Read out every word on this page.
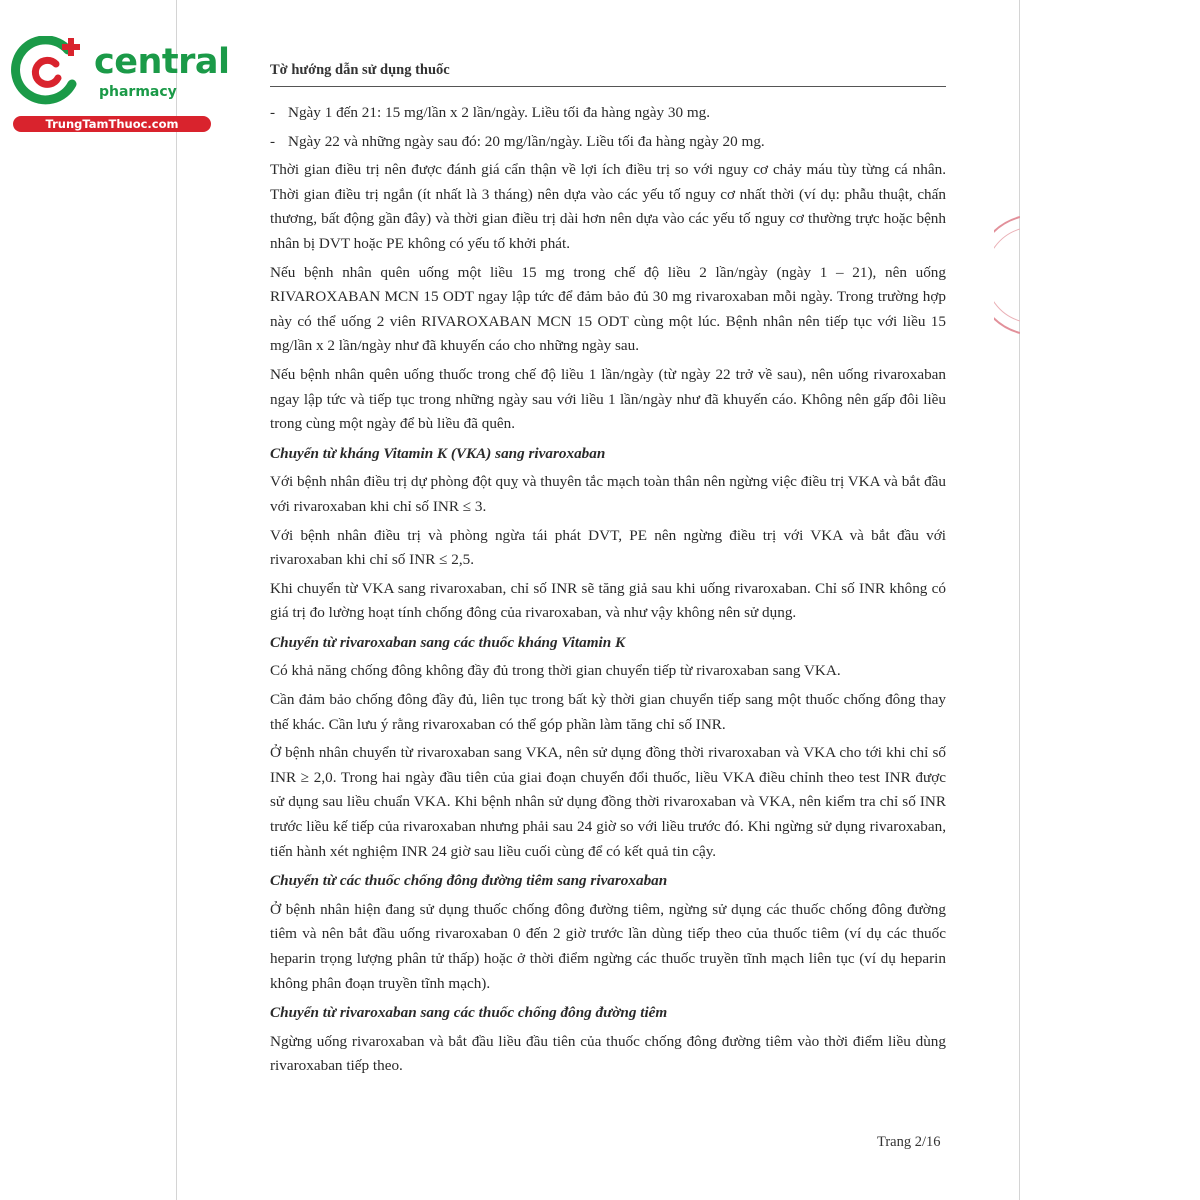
central
pharmacy
TrungTamThuoc.com
Tờ hướng dẫn sử dụng thuốc

- Ngày 1 đến 21: 15 mg/lần x 2 lần/ngày. Liều tối đa hàng ngày 30 mg.

- Ngày 22 và những ngày sau đó: 20 mg/lần/ngày. Liều tối đa hàng ngày 20 mg.

Thời gian điều trị nên được đánh giá cẩn thận về lợi ích điều trị so với nguy cơ chảy máu tùy từng cá nhân. Thời gian điều trị ngắn (ít nhất là 3 tháng) nên dựa vào các yếu tố nguy cơ nhất thời (ví dụ: phẫu thuật, chấn thương, bất động gần đây) và thời gian điều trị dài hơn nên dựa vào các yếu tố nguy cơ thường trực hoặc bệnh nhân bị DVT hoặc PE không có yếu tố khởi phát.

Nếu bệnh nhân quên uống một liều 15 mg trong chế độ liều 2 lần/ngày (ngày 1 – 21), nên uống RIVAROXABAN MCN 15 ODT ngay lập tức để đảm bảo đủ 30 mg rivaroxaban mỗi ngày. Trong trường hợp này có thể uống 2 viên RIVAROXABAN MCN 15 ODT cùng một lúc. Bệnh nhân nên tiếp tục với liều 15 mg/lần x 2 lần/ngày như đã khuyến cáo cho những ngày sau.

Nếu bệnh nhân quên uống thuốc trong chế độ liều 1 lần/ngày (từ ngày 22 trở về sau), nên uống rivaroxaban ngay lập tức và tiếp tục trong những ngày sau với liều 1 lần/ngày như đã khuyến cáo. Không nên gấp đôi liều trong cùng một ngày để bù liều đã quên.

Chuyển từ kháng Vitamin K (VKA) sang rivaroxaban

Với bệnh nhân điều trị dự phòng đột quỵ và thuyên tắc mạch toàn thân nên ngừng việc điều trị VKA và bắt đầu với rivaroxaban khi chỉ số INR ≤ 3.

Với bệnh nhân điều trị và phòng ngừa tái phát DVT, PE nên ngừng điều trị với VKA và bắt đầu với rivaroxaban khi chỉ số INR ≤ 2,5.

Khi chuyển từ VKA sang rivaroxaban, chỉ số INR sẽ tăng giả sau khi uống rivaroxaban. Chỉ số INR không có giá trị đo lường hoạt tính chống đông của rivaroxaban, và như vậy không nên sử dụng.

Chuyển từ rivaroxaban sang các thuốc kháng Vitamin K

Có khả năng chống đông không đầy đủ trong thời gian chuyển tiếp từ rivaroxaban sang VKA.

Cần đảm bảo chống đông đầy đủ, liên tục trong bất kỳ thời gian chuyển tiếp sang một thuốc chống đông thay thế khác. Cần lưu ý rằng rivaroxaban có thể góp phần làm tăng chỉ số INR.

Ở bệnh nhân chuyển từ rivaroxaban sang VKA, nên sử dụng đồng thời rivaroxaban và VKA cho tới khi chỉ số INR ≥ 2,0. Trong hai ngày đầu tiên của giai đoạn chuyển đổi thuốc, liều VKA điều chỉnh theo test INR được sử dụng sau liều chuẩn VKA. Khi bệnh nhân sử dụng đồng thời rivaroxaban và VKA, nên kiểm tra chỉ số INR trước liều kế tiếp của rivaroxaban nhưng phải sau 24 giờ so với liều trước đó. Khi ngừng sử dụng rivaroxaban, tiến hành xét nghiệm INR 24 giờ sau liều cuối cùng để có kết quả tin cậy.

Chuyển từ các thuốc chống đông đường tiêm sang rivaroxaban

Ở bệnh nhân hiện đang sử dụng thuốc chống đông đường tiêm, ngừng sử dụng các thuốc chống đông đường tiêm và nên bắt đầu uống rivaroxaban 0 đến 2 giờ trước lần dùng tiếp theo của thuốc tiêm (ví dụ các thuốc heparin trọng lượng phân tử thấp) hoặc ở thời điểm ngừng các thuốc truyền tĩnh mạch liên tục (ví dụ heparin không phân đoạn truyền tĩnh mạch).

Chuyển từ rivaroxaban sang các thuốc chống đông đường tiêm

Ngừng uống rivaroxaban và bắt đầu liều đầu tiên của thuốc chống đông đường tiêm vào thời điểm liều dùng rivaroxaban tiếp theo.

Trang 2/16
